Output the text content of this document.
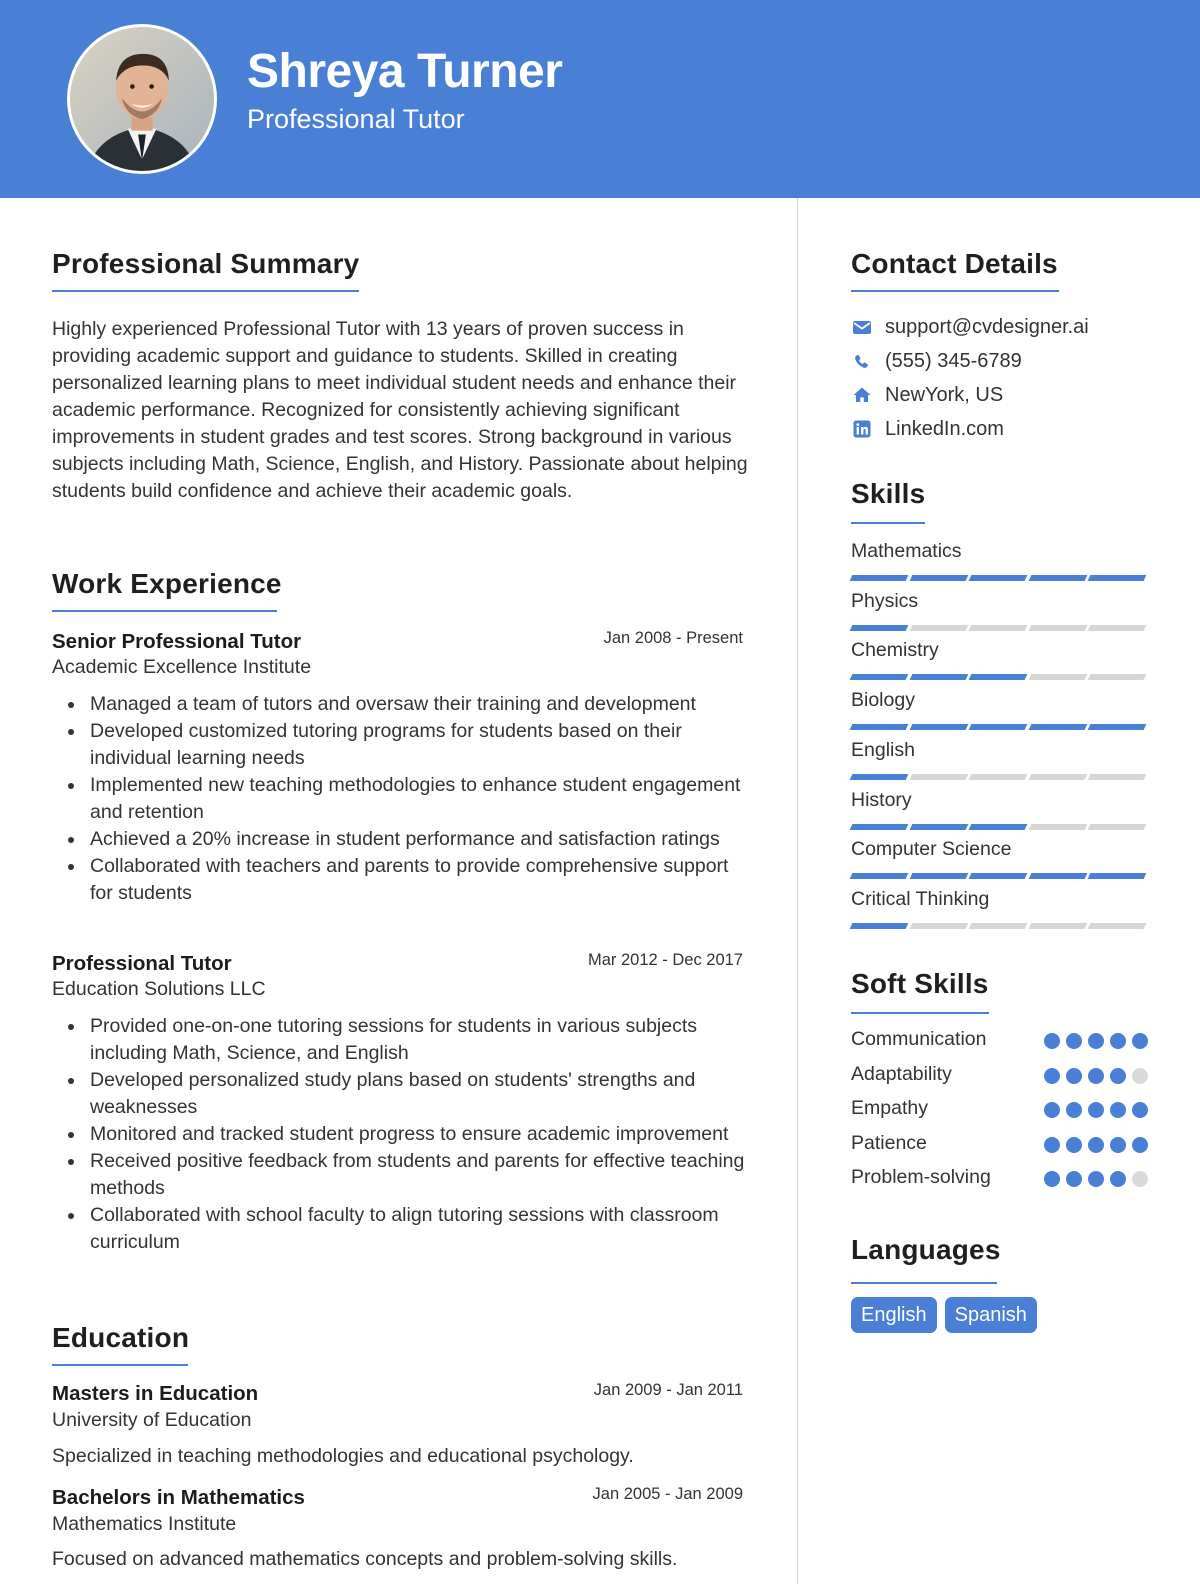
Shreya Turner
Professional Tutor
Professional Summary
Highly experienced Professional Tutor with 13 years of proven success in providing academic support and guidance to students. Skilled in creating personalized learning plans to meet individual student needs and enhance their academic performance. Recognized for consistently achieving significant improvements in student grades and test scores. Strong background in various subjects including Math, Science, English, and History. Passionate about helping students build confidence and achieve their academic goals.
Work Experience
Senior Professional Tutor	Jan 2008 - Present
Academic Excellence Institute
Managed a team of tutors and oversaw their training and development
Developed customized tutoring programs for students based on their individual learning needs
Implemented new teaching methodologies to enhance student engagement and retention
Achieved a 20% increase in student performance and satisfaction ratings
Collaborated with teachers and parents to provide comprehensive support for students
Professional Tutor	Mar 2012 - Dec 2017
Education Solutions LLC
Provided one-on-one tutoring sessions for students in various subjects including Math, Science, and English
Developed personalized study plans based on students' strengths and weaknesses
Monitored and tracked student progress to ensure academic improvement
Received positive feedback from students and parents for effective teaching methods
Collaborated with school faculty to align tutoring sessions with classroom curriculum
Education
Masters in Education	Jan 2009 - Jan 2011
University of Education
Specialized in teaching methodologies and educational psychology.
Bachelors in Mathematics	Jan 2005 - Jan 2009
Mathematics Institute
Focused on advanced mathematics concepts and problem-solving skills.
Contact Details
support@cvdesigner.ai
(555) 345-6789
NewYork, US
LinkedIn.com
Skills
Mathematics
Physics
Chemistry
Biology
English
History
Computer Science
Critical Thinking
Soft Skills
Communication
Adaptability
Empathy
Patience
Problem-solving
Languages
English	Spanish
